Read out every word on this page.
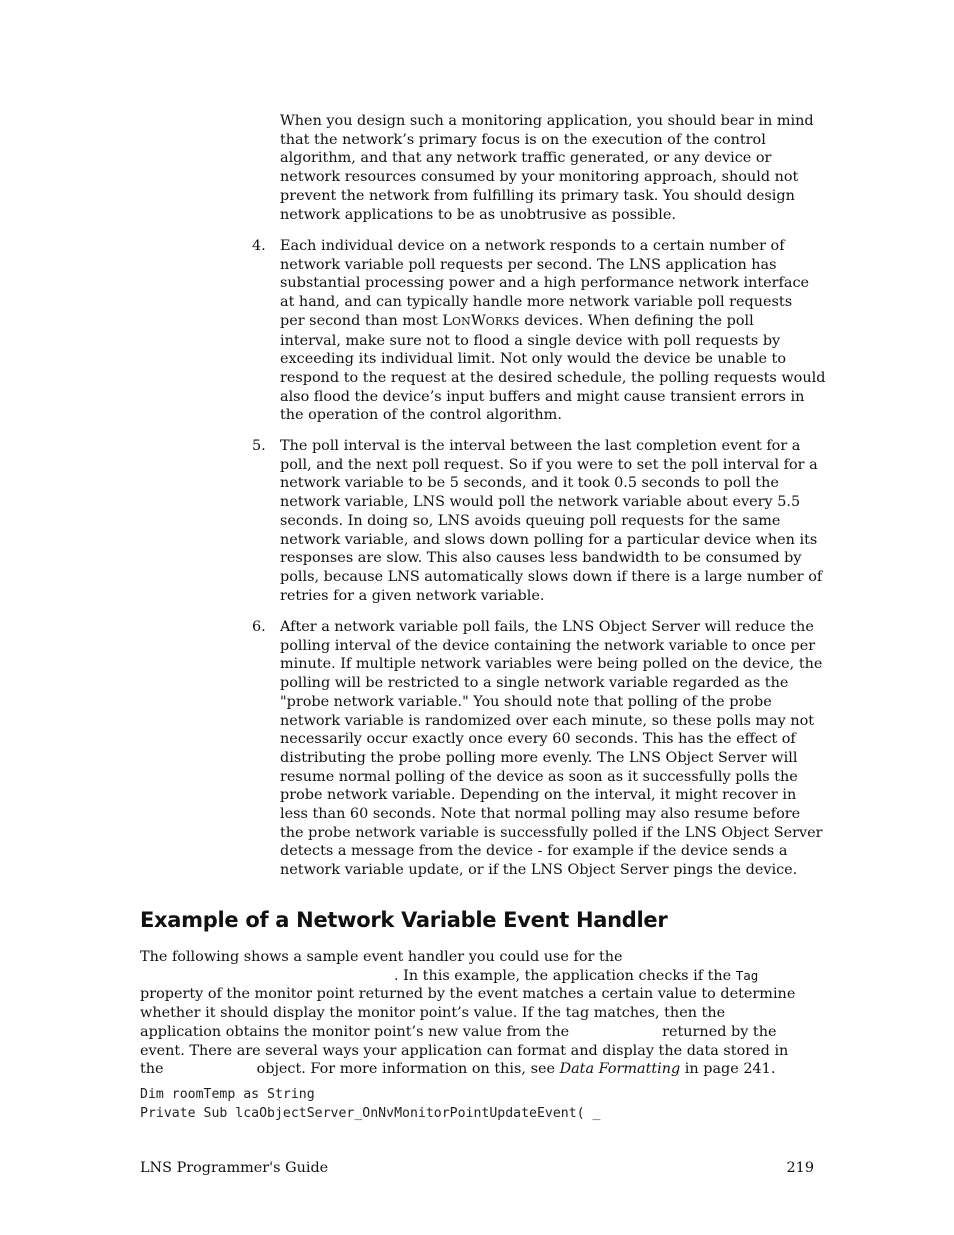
When you design such a monitoring application, you should bear in mind

that the network’s primary focus is on the execution of the control

algorithm, and that any network traffic generated, or any device or

network resources consumed by your monitoring approach, should not

prevent the network from fulfilling its primary task. You should design

network applications to be as unobtrusive as possible.

4. Each individual device on a network responds to a certain number of

network variable poll requests per second. The LNS application has

substantial processing power and a high performance network interface

at hand, and can typically handle more network variable poll requests

per second than most LONWORKS devices. When defining the poll

interval, make sure not to flood a single device with poll requests by

exceeding its individual limit. Not only would the device be unable to

respond to the request at the desired schedule, the polling requests would

also flood the device’s input buffers and might cause transient errors in

the operation of the control algorithm.

5. The poll interval is the interval between the last completion event for a

poll, and the next poll request. So if you were to set the poll interval for a

network variable to be 5 seconds, and it took 0.5 seconds to poll the

network variable, LNS would poll the network variable about every 5.5

seconds. In doing so, LNS avoids queuing poll requests for the same

network variable, and slows down polling for a particular device when its

responses are slow. This also causes less bandwidth to be consumed by

polls, because LNS automatically slows down if there is a large number of

retries for a given network variable.

6. After a network variable poll fails, the LNS Object Server will reduce the

polling interval of the device containing the network variable to once per

minute. If multiple network variables were being polled on the device, the

polling will be restricted to a single network variable regarded as the

"probe network variable." You should note that polling of the probe

network variable is randomized over each minute, so these polls may not

necessarily occur exactly once every 60 seconds. This has the effect of

distributing the probe polling more evenly. The LNS Object Server will

resume normal polling of the device as soon as it successfully polls the

probe network variable. Depending on the interval, it might recover in

less than 60 seconds. Note that normal polling may also resume before

the probe network variable is successfully polled if the LNS Object Server

detects a message from the device - for example if the device sends a

network variable update, or if the LNS Object Server pings the device.

Example of a Network Variable Event Handler

The following shows a sample event handler you could use for the

. In this example, the application checks if the Tag

property of the monitor point returned by the event matches a certain value to determine

whether it should display the monitor point’s value. If the tag matches, then the

application obtains the monitor point’s new value from the	returned by the

event. There are several ways your application can format and display the data stored in

the	object. For more information on this, see Data Formatting in page 241.

Dim roomTemp as String

Private Sub lcaObjectServer_OnNvMonitorPointUpdateEvent( _

LNS Programmer's Guide	219
